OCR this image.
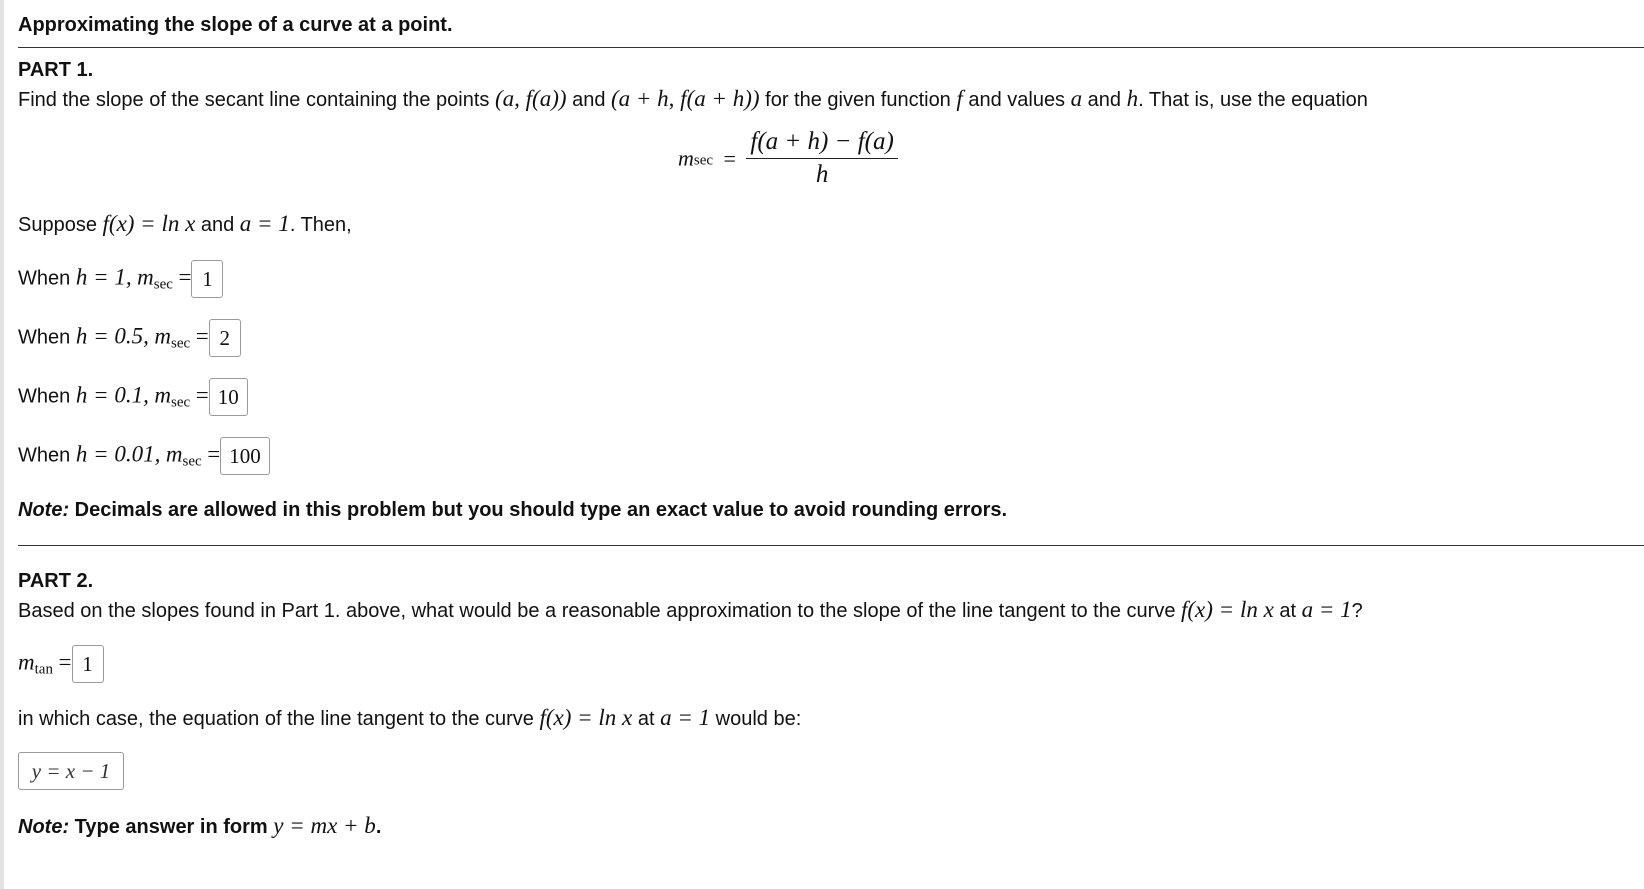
Approximating the slope of a curve at a point.
PART 1.
Find the slope of the secant line containing the points (a, f(a)) and (a + h, f(a + h)) for the given function f and values a and h. That is, use the equation
$msec = \frac{f(a + h) - f(a)}{h}$
Suppose f(x) = ln x and a = 1. Then,
When h = 1, $m_{sec} = 1$
When h = 0.5, $m_{sec} = 2$
When h = 0.1, $m_{sec} = 10$
When h = 0.01, $m_{sec} = 100$
Note: Decimals are allowed in this problem but you should type an exact value to avoid rounding errors.
PART 2.
Based on the slopes found in Part 1. above, what would be a reasonable approximation to the slope of the line tangent to the curve f(x) = ln x at a = 1?
$m_{tan} = 1$
in which case, the equation of the line tangent to the curve f(x) = ln x at a = 1 would be:
y = x − 1
Note: Type answer in form y = mx + b.
